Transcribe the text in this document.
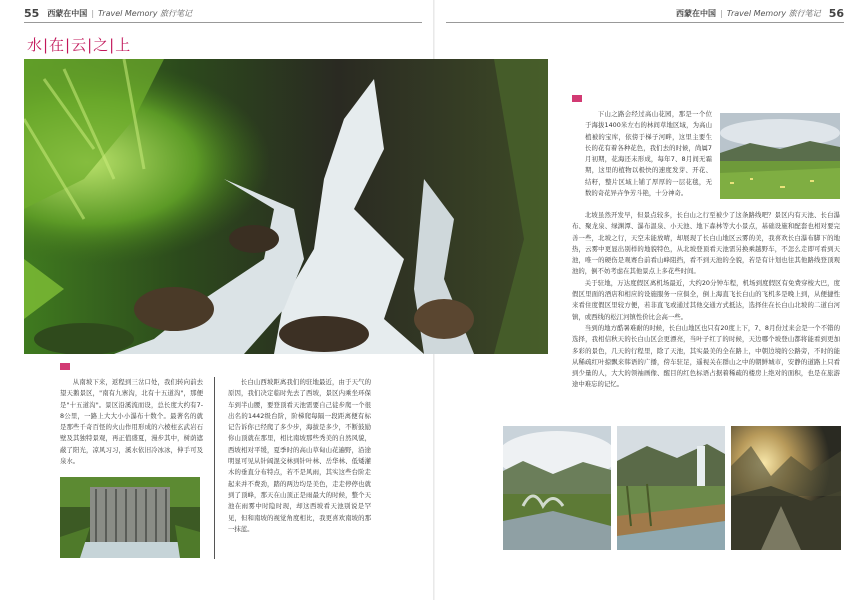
55 西蒙在中国 | Travel Memory 旅行笔记	西蒙在中国 | Travel Memory 旅行笔记 56
水|在|云|之|上

从南坡下来，返程到三岔口处，我们转向前去望天鹅景区，"南有九寨沟，北有十五道沟"，那便是"十五道沟"。景区沿溪流而设，总长度大约有7-8公里，一路上大大小小瀑布十数个。最著名的就是那些千奇百怪的火山作用形成的六棱柱玄武岩石壁及其独特景观，再正值盛夏，漫步其中，树荫遮蔽了阳光，凉风习习，溪水依旧冷冰冰，伸手可及泉水。

长白山西坡距离我们的驻地最近，由于天气的原因，我们决定临时先去了西坡，景区内乘坐环保车到半山腰，要登顶看天池需要自己徒步爬一个很出名的1442级台阶，阶梯爬每隔一段距离便有标记告诉你已经爬了多少步，海拔是多少，不断鼓励你山顶就在那里，相比南坡那些秀美的自然风貌，西坡相对平缓，夏季时的高山草甸山花遍野，沿途明显可见从针阔混交林到针叶林、岳华林、低矮灌木的垂直分布特点，若不是风雨，其实这些台阶走起来并不费劲，踏的两边均是美色，走走停停也就到了顶峰，那天在山顶正是雨最大的时候，整个天池在雨雾中时隐时现，却这西坡看天池别说是罕见，但和南坡的视觉角度相比，我更喜欢南坡的那一抹蓝。

下山之路会经过高山花园，那是一个位于海拔1400米左右的林间草地区域，为高山植被的宝库，依傍于梯子河畔，这里主要生长的花有着各种花色，我们去的时候，尚属7月初期，花海还未形成，每年7、8月间无霜期，这里的植物以极快的速度发芽、开花、结籽，整片区域上铺了厚厚的一层花毯，无数的奇花异卉争芳斗艳，十分神奇。

北坡虽然开发早，但景点较多，长白山之行至被少了这条路线吧？景区内有天池、长白瀑布、聚龙泉、绿渊潭、瀑布温泉、小天池、地下森林等大小景点，基础设施和配套也相对要完善一些，北坡之行，天空未能放晴，却展现了长白山地区云雾的美，我喜欢长白瀑布脚下的地热，云雾中更显出别样的地貌特色，从北坡登顶看天池需另换乘越野车，不怎么走即可看到天池，唯一的硬伤是观赛台前看山峰阻挡，看不到天池的全貌，若是有计划也往其他路线登顶观池的，倒不妨考虑在其他景点上多花些时间。

关于驻地，万达度假区离机场最近，大约20分钟车程，机场到度假区有免费穿梭大巴，度假区里面的酒店和相应的设施服务一应俱全，倒上海直飞长白山的飞机多是晚上到，从便捷性来看住度假区里较方便，若非直飞或通过其他交通方式抵达，选择住在长白山北坡的二道白河镇，或西线的松江河镇性价比会高一些。

当到的地方酷暑难耐的时候，长白山地区也只有20度上下，7、8月份过来会是一个不错的选择，我相信秋天的长白山区会更漂亮，当叶子红了的时候，天边哪个坡登山都将能看到更加多彩的景色，几天的行程里，除了天池，其实最美的全在路上，中朝边境的公路旁，不时的能从稀疏红叶掠飘来韩语的广播，傍车驻足，遥视关在群山之中的朝鲜城市，安静的道路上只看到少量的人，大大的领袖画像、醒目的红色标语占据着稀疏的楼房上绝对的面积，也是在旅游途中难忘的记忆。
